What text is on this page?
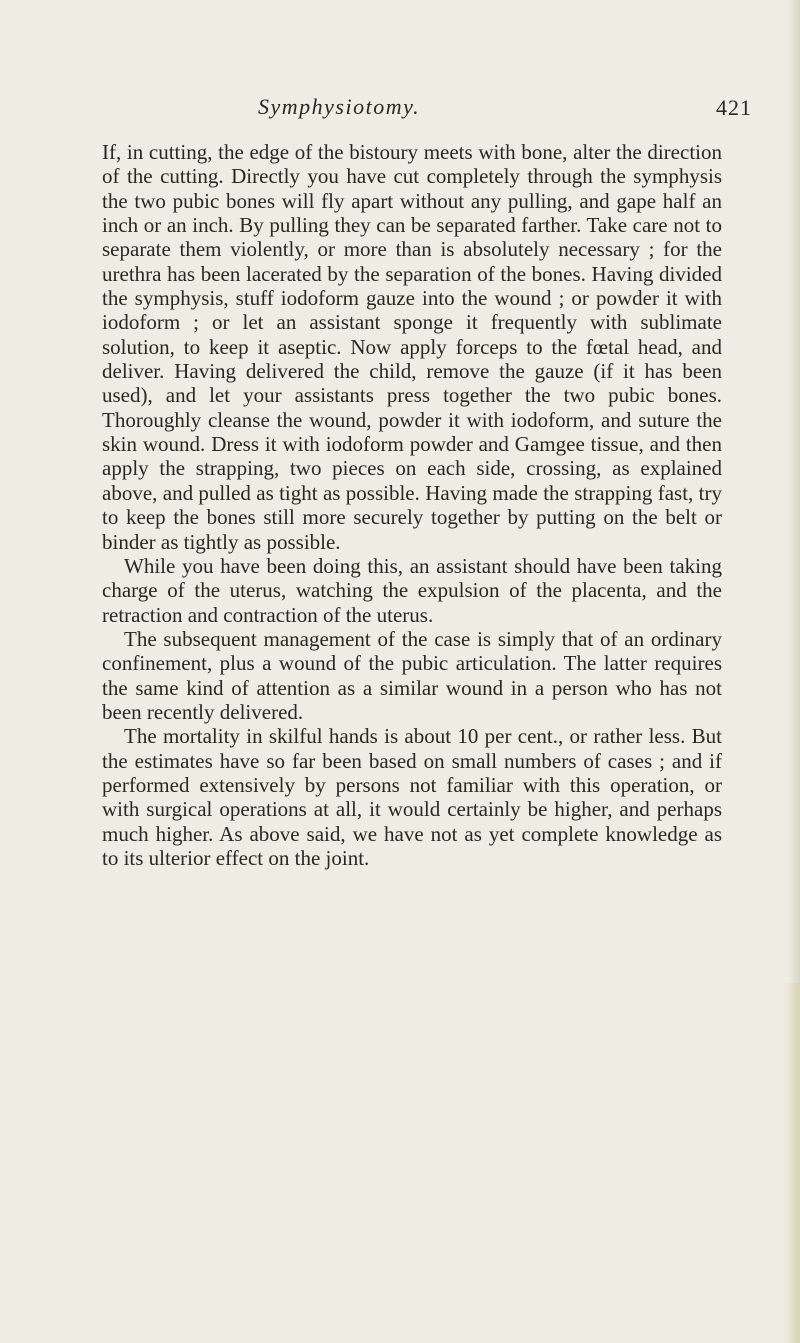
Symphysiotomy.	421

If, in cutting, the edge of the bistoury meets with bone, alter the direction of the cutting. Directly you have cut completely through the symphysis the two pubic bones will fly apart without any pulling, and gape half an inch or an inch. By pulling they can be separated farther. Take care not to separate them violently, or more than is absolutely necessary ; for the urethra has been lacerated by the separation of the bones. Having divided the symphysis, stuff iodoform gauze into the wound ; or powder it with iodoform ; or let an assistant sponge it frequently with sublimate solution, to keep it aseptic. Now apply forceps to the fœtal head, and deliver. Having delivered the child, remove the gauze (if it has been used), and let your assistants press together the two pubic bones. Thoroughly cleanse the wound, powder it with iodoform, and suture the skin wound. Dress it with iodoform powder and Gamgee tissue, and then apply the strapping, two pieces on each side, crossing, as explained above, and pulled as tight as possible. Having made the strapping fast, try to keep the bones still more securely together by putting on the belt or binder as tightly as possible.

While you have been doing this, an assistant should have been taking charge of the uterus, watching the expulsion of the placenta, and the retraction and contraction of the uterus.

The subsequent management of the case is simply that of an ordinary confinement, plus a wound of the pubic articulation. The latter requires the same kind of attention as a similar wound in a person who has not been recently delivered.

The mortality in skilful hands is about 10 per cent., or rather less. But the estimates have so far been based on small numbers of cases ; and if performed extensively by persons not familiar with this operation, or with surgical operations at all, it would certainly be higher, and perhaps much higher. As above said, we have not as yet complete knowledge as to its ulterior effect on the joint.
